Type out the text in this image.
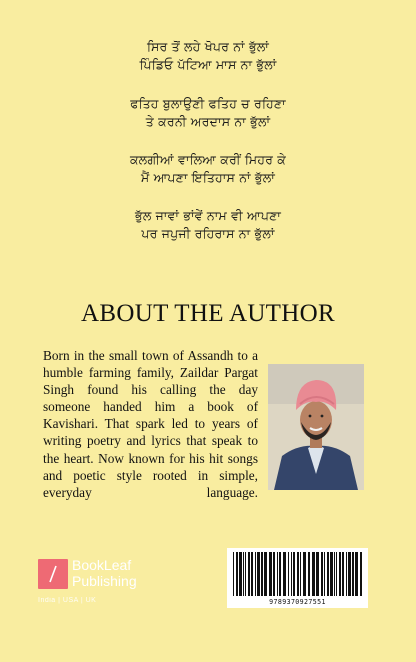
ਸਿਰ ਤੋਂ ਲਹੇ ਖੋਪਰ ਨਾਂ ਭੁੱਲਾਂ
ਪਿੰਡਿਓ ਪੱਟਿਆ ਮਾਸ ਨਾ ਭੁੱਲਾਂ
ਫਤਿਹ ਬੁਲਾਉਣੀ ਫਤਿਹ ਚ ਰਹਿਣਾ
ਤੇ ਕਰਨੀ ਅਰਦਾਸ ਨਾ ਭੁੱਲਾਂ
ਕਲਗੀਆਂ ਵਾਲਿਆ ਕਰੀਂ ਮਿਹਰ ਕੇ
ਮੈਂ ਆਪਣਾ ਇਤਿਹਾਸ ਨਾਂ ਭੁੱਲਾਂ
ਭੁੱਲ ਜਾਵਾਂ ਭਾਂਵੇਂ ਨਾਮ ਵੀ ਆਪਣਾ
ਪਰ ਜਪੁਜੀ ਰਹਿਰਾਸ ਨਾ ਭੁੱਲਾਂ
ABOUT THE AUTHOR
Born in the small town of Assandh to a humble farming family, Zaildar Pargat Singh found his calling the day someone handed him a book of Kavishari. That spark led to years of writing poetry and lyrics that speak to the heart. Now known for his hit songs and poetic style rooted in simple, everyday language.
BookLeaf
Publishing
India | USA | UK	9789370927551
